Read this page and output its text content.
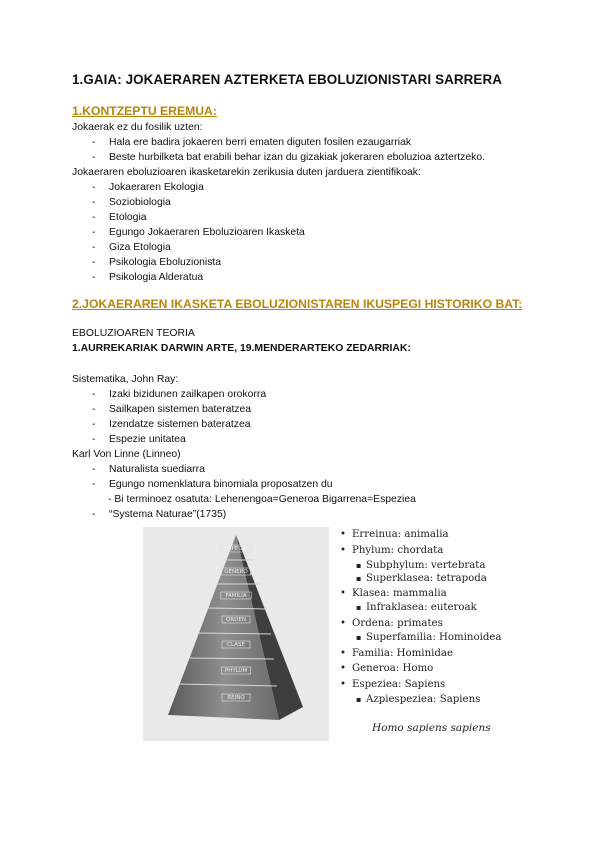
1.GAIA: JOKAERAREN AZTERKETA EBOLUZIONISTARI SARRERA
1.KONTZEPTU EREMUA:
Jokaerak ez du fosilik uzten:
- Hala ere badira jokaeren berri ematen diguten fosilen ezaugarriak
- Beste hurbilketa bat erabili behar izan du gizakiak jokeraren eboluzioa aztertzeko.
Jokaeraren eboluzioaren ikasketarekin zerikusia duten jarduera zientifikoak:
- Jokaeraren Ekologia
- Soziobiologia
- Etologia
- Egungo Jokaeraren Eboluzioaren Ikasketa
- Giza Etologia
- Psikologia Eboluzionista
- Psikologia Alderatua
2.JOKAERAREN IKASKETA EBOLUZIONISTAREN IKUSPEGI HISTORIKO BAT:
EBOLUZIOAREN TEORIA
1.AURREKARIAK DARWIN ARTE, 19.MENDERARTEKO ZEDARRIAK:
Sistematika, John Ray:
- Izaki bizidunen zailkapen orokorra
- Sailkapen sistemen bateratzea
- Izendatze sistemen bateratzea
- Espezie unitatea
Karl Von Linne (Linneo)
- Naturalista suediarra
- Egungo nomenklatura binomiala proposatzen du
- Bi terminoez osatuta: Lehenengoa=Generoa Bigarrena=Espeziea
- “Systema Naturae”(1735)
ESPECIE
GÉNERO
FAMILIA
ORDEN
CLASE
PHYLUM
REINO
• Erreinua: animalia
• Phylum: chordata
▪ Subphylum: vertebrata
▪ Superklasea: tetrapoda
• Klasea: mammalia
▪ Infraklasea: euteroak
• Ordena: primates
▪ Superfamilia: Hominoidea
• Familia: Hominidae
• Generoa: Homo
• Espeziea: Sapiens
▪ Azpiespeziea: Sapiens
Homo sapiens sapiens
